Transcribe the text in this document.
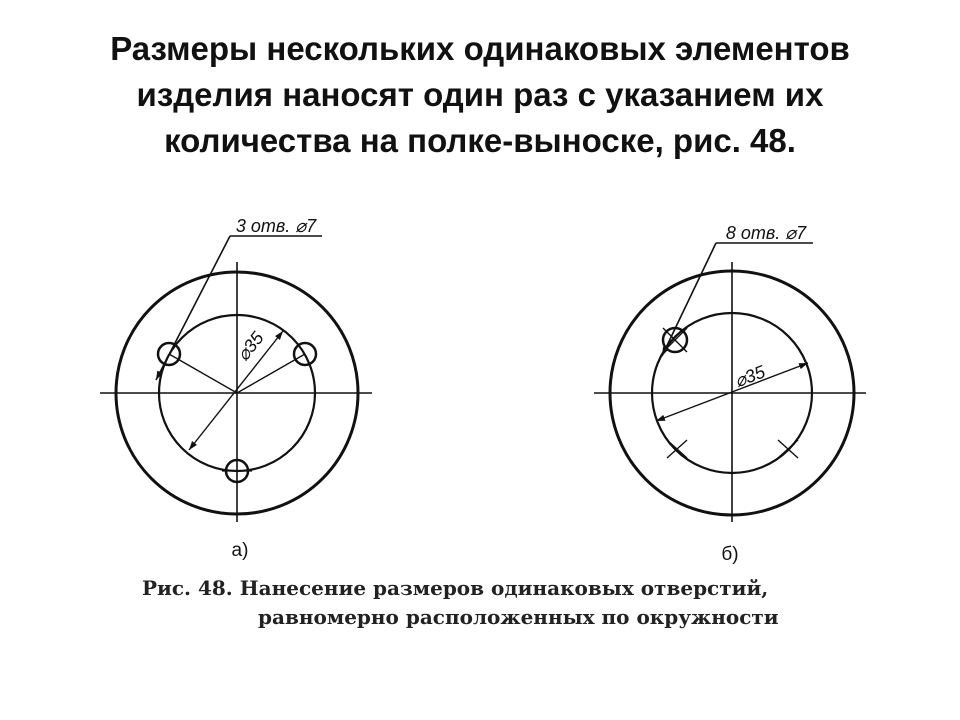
Размеры нескольких одинаковых элементов
изделия наносят один раз с указанием их
количества на полке-выноске, рис. 48.
3 отв. ⌀7
⌀35
а)
8 отв. ⌀7
⌀35
б)
Рис. 48. Нанесение размеров одинаковых отверстий,
равномерно расположенных по окружности
